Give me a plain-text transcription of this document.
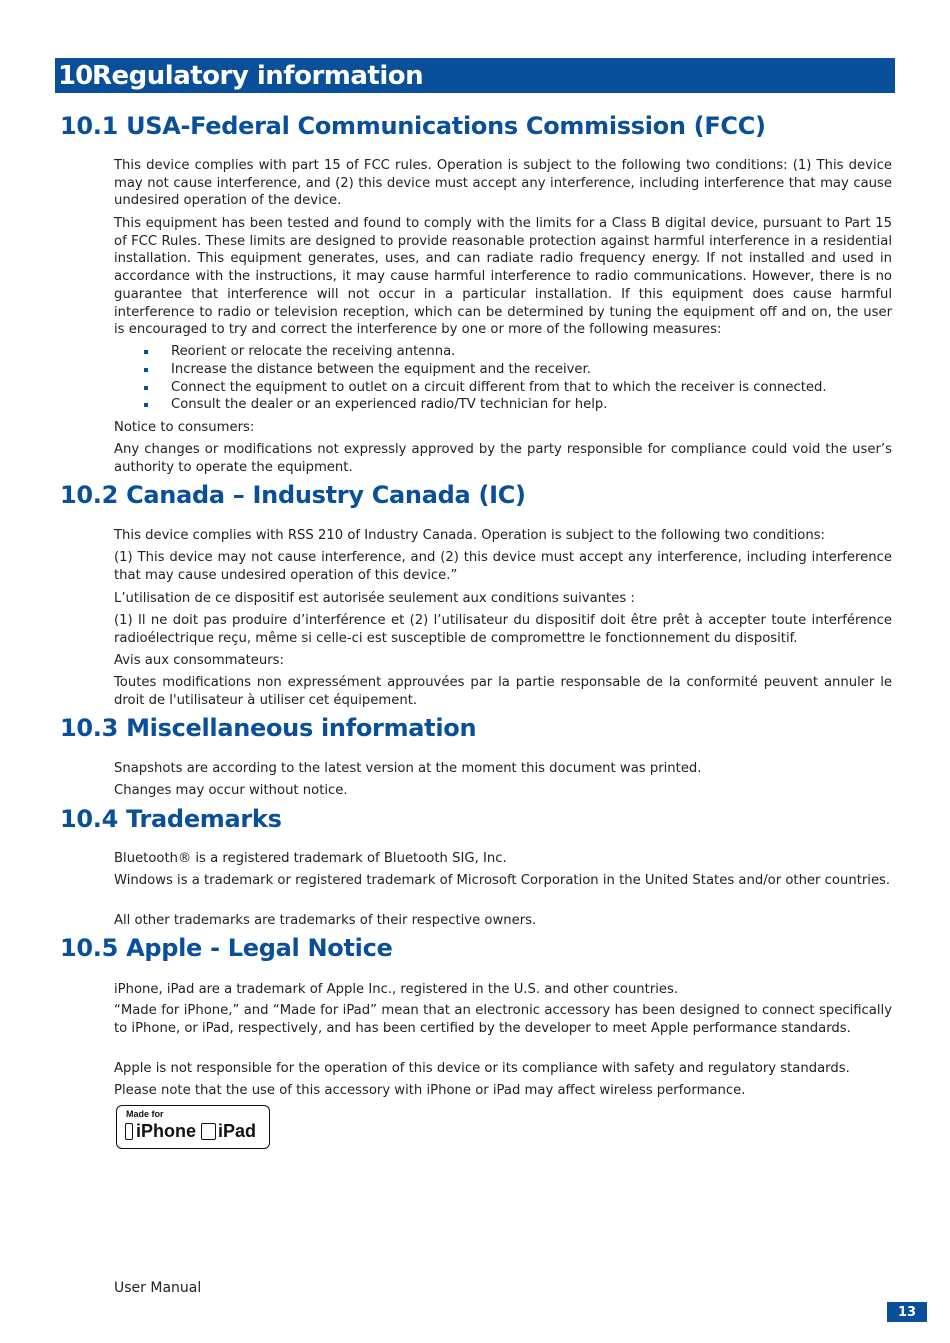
10 Regulatory information
10.1 USA-Federal Communications Commission (FCC)
This device complies with part 15 of FCC rules. Operation is subject to the following two conditions: (1) This device may not cause interference, and (2) this device must accept any interference, including interference that may cause undesired operation of the device.
This equipment has been tested and found to comply with the limits for a Class B digital device, pursuant to Part 15 of FCC Rules. These limits are designed to provide reasonable protection against harmful interference in a residential installation. This equipment generates, uses, and can radiate radio frequency energy. If not installed and used in accordance with the instructions, it may cause harmful interference to radio communications. However, there is no guarantee that interference will not occur in a particular installation. If this equipment does cause harmful interference to radio or television reception, which can be determined by tuning the equipment off and on, the user is encouraged to try and correct the interference by one or more of the following measures:
Reorient or relocate the receiving antenna.
Increase the distance between the equipment and the receiver.
Connect the equipment to outlet on a circuit different from that to which the receiver is connected.
Consult the dealer or an experienced radio/TV technician for help.
Notice to consumers:
Any changes or modifications not expressly approved by the party responsible for compliance could void the user’s authority to operate the equipment.
10.2 Canada – Industry Canada (IC)
This device complies with RSS 210 of Industry Canada. Operation is subject to the following two conditions:
(1) This device may not cause interference, and (2) this device must accept any interference, including interference that may cause undesired operation of this device.”
L’utilisation de ce dispositif est autorisée seulement aux conditions suivantes :
(1) Il ne doit pas produire d’interférence et (2) l’utilisateur du dispositif doit être prêt à accepter toute interférence radioélectrique reçu, même si celle-ci est susceptible de compromettre le fonctionnement du dispositif.
Avis aux consommateurs:
Toutes modifications non expressément approuvées par la partie responsable de la conformité peuvent annuler le droit de l'utilisateur à utiliser cet équipement.
10.3 Miscellaneous information
Snapshots are according to the latest version at the moment this document was printed.
Changes may occur without notice.
10.4 Trademarks
Bluetooth® is a registered trademark of Bluetooth SIG, Inc.
Windows is a trademark or registered trademark of Microsoft Corporation in the United States and/or other countries.
All other trademarks are trademarks of their respective owners.
10.5 Apple - Legal Notice
iPhone, iPad are a trademark of Apple Inc., registered in the U.S. and other countries.
“Made for iPhone,” and “Made for iPad” mean that an electronic accessory has been designed to connect specifically to iPhone, or iPad, respectively, and has been certified by the developer to meet Apple performance standards.
Apple is not responsible for the operation of this device or its compliance with safety and regulatory standards.
Please note that the use of this accessory with iPhone or iPad may affect wireless performance.
Made for
iPhone iPad
User Manual
13
